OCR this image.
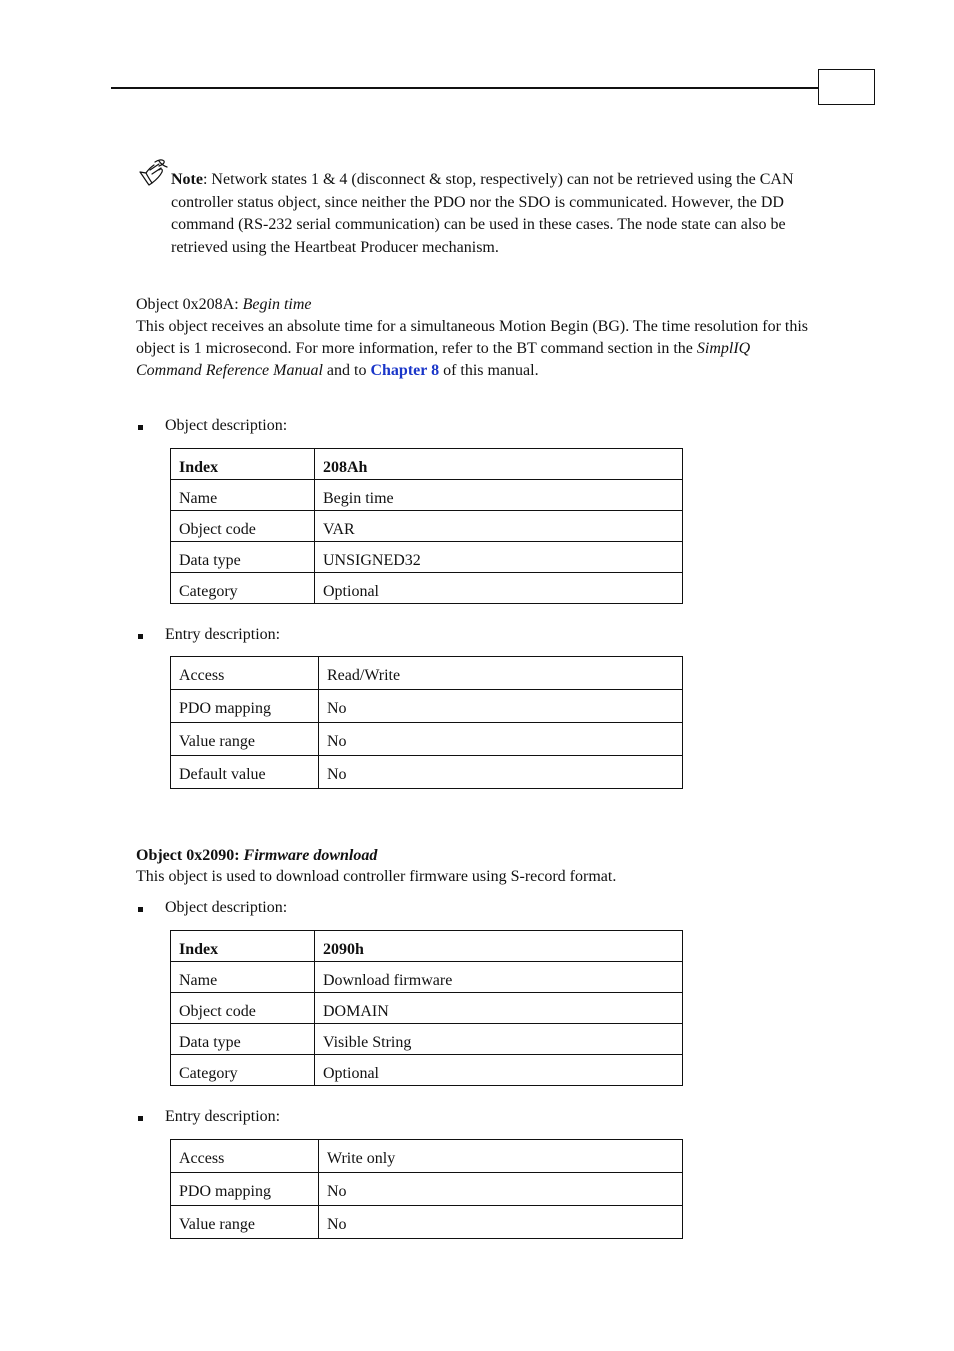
Note: Network states 1 & 4 (disconnect & stop, respectively) can not be retrieved using the CAN controller status object, since neither the PDO nor the SDO is communicated. However, the DD command (RS-232 serial communication) can be used in these cases. The node state can also be retrieved using the Heartbeat Producer mechanism.
Object 0x208A: Begin time
This object receives an absolute time for a simultaneous Motion Begin (BG). The time resolution for this object is 1 microsecond. For more information, refer to the BT command section in the SimplIQ Command Reference Manual and to Chapter 8 of this manual.
Object description:
Index	208Ah
Name	Begin time
Object code	VAR
Data type	UNSIGNED32
Category	Optional
Entry description:
Access	Read/Write
PDO mapping	No
Value range	No
Default value	No
Object 0x2090: Firmware download
This object is used to download controller firmware using S-record format.
Object description:
Index	2090h
Name	Download firmware
Object code	DOMAIN
Data type	Visible String
Category	Optional
Entry description:
Access	Write only
PDO mapping	No
Value range	No
